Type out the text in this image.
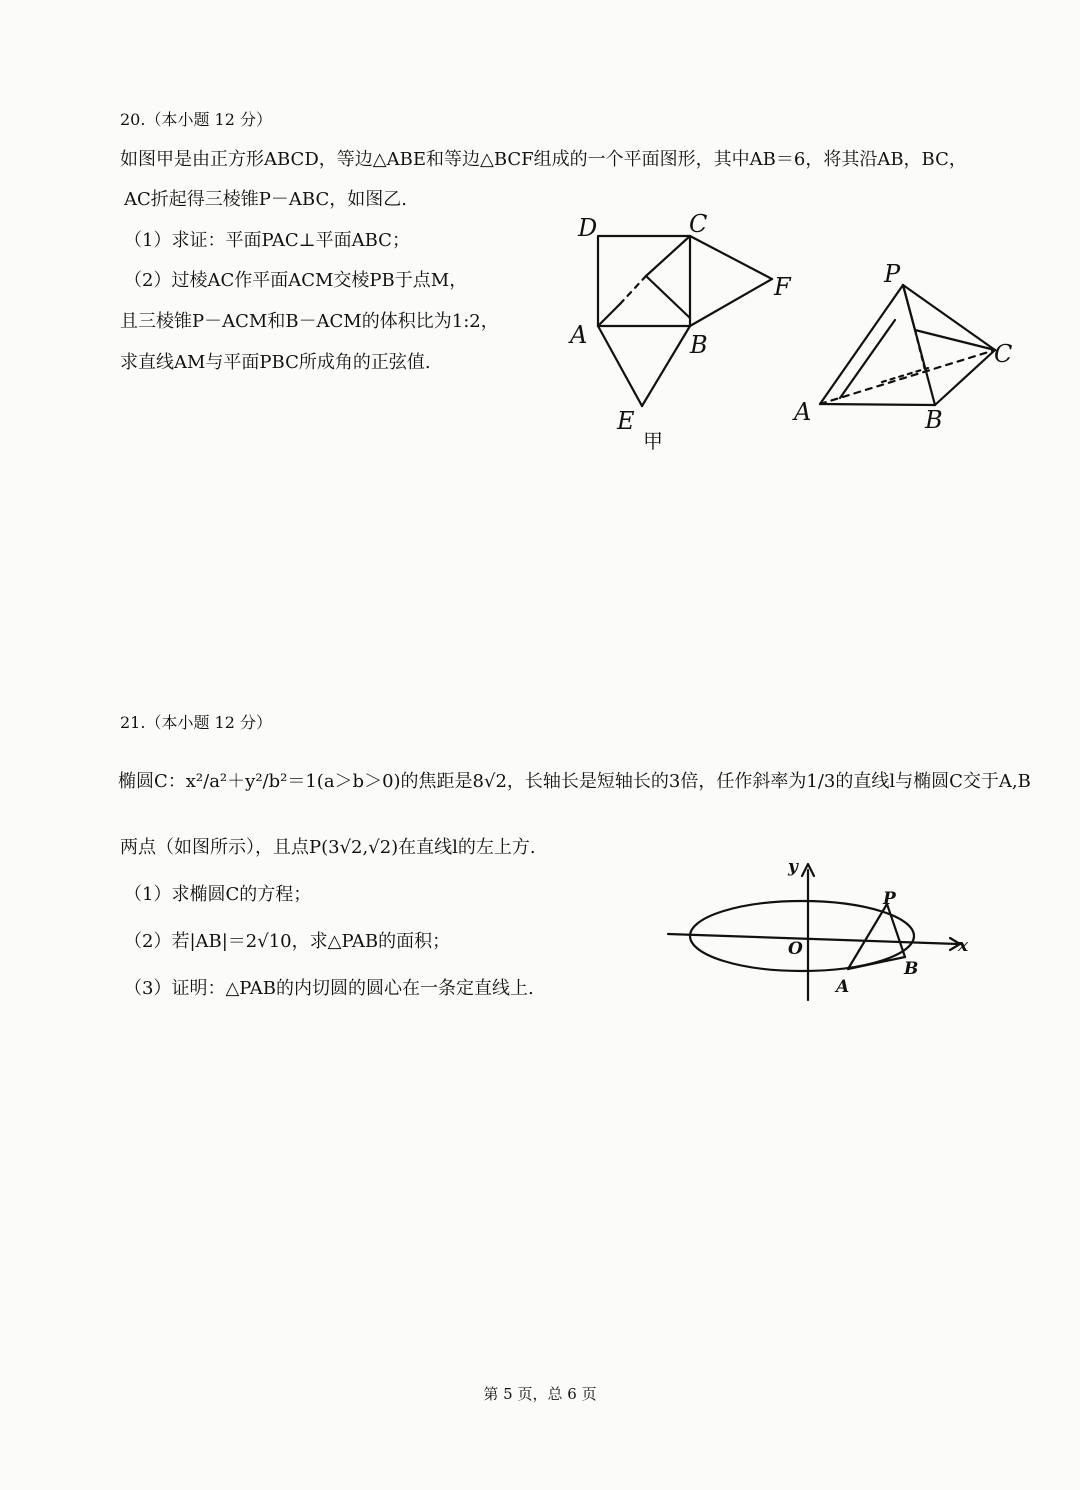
20.（本小题 12 分）
如图甲是由正方形ABCD，等边△ABE和等边△BCF组成的一个平面图形，其中AB＝6，将其沿AB，BC，
AC折起得三棱锥P－ABC，如图乙.
（1）求证：平面PAC⊥平面ABC；
（2）过棱AC作平面ACM交棱PB于点M，
且三棱锥P－ACM和B－ACM的体积比为1:2，
求直线AM与平面PBC所成角的正弦值.
D	C
F
A	B
E
甲
P
C
A	B
21.（本小题 12 分）
椭圆C：x²/a²＋y²/b²＝1(a＞b＞0)的焦距是8√2，长轴长是短轴长的3倍，任作斜率为1/3的直线l与椭圆C交于A,B
两点（如图所示），且点P(3√2,√2)在直线l的左上方.
（1）求椭圆C的方程；
（2）若|AB|＝2√10，求△PAB的面积；
（3）证明：△PAB的内切圆的圆心在一条定直线上.
y
x
O
P
A
B
第 5 页，总 6 页
